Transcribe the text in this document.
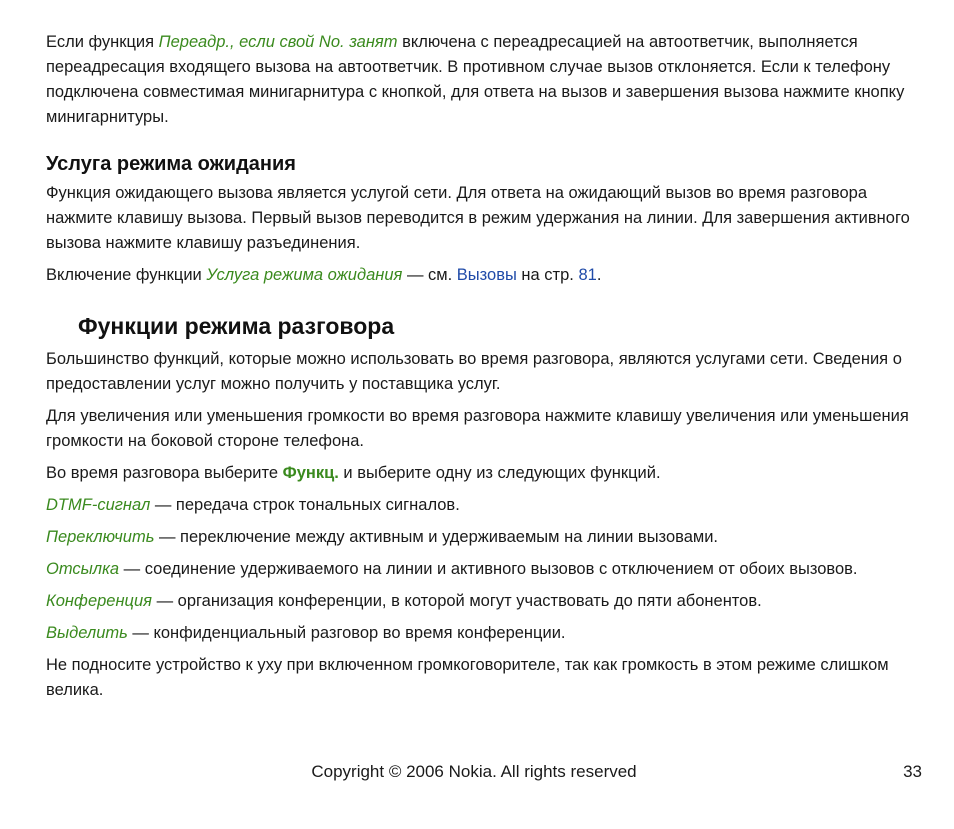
Если функция Переадр., если свой No. занят включена с переадресацией на автоответчик, выполняется переадресация входящего вызова на автоответчик. В противном случае вызов отклоняется. Если к телефону подключена совместимая минигарнитура с кнопкой, для ответа на вызов и завершения вызова нажмите кнопку минигарнитуры.

Услуга режима ожидания

Функция ожидающего вызова является услугой сети. Для ответа на ожидающий вызов во время разговора нажмите клавишу вызова. Первый вызов переводится в режим удержания на линии. Для завершения активного вызова нажмите клавишу разъединения.

Включение функции Услуга режима ожидания — см. Вызовы на стр. 81.

Функции режима разговора

Большинство функций, которые можно использовать во время разговора, являются услугами сети. Сведения о предоставлении услуг можно получить у поставщика услуг.

Для увеличения или уменьшения громкости во время разговора нажмите клавишу увеличения или уменьшения громкости на боковой стороне телефона.

Во время разговора выберите Функц. и выберите одну из следующих функций.

DTMF-сигнал — передача строк тональных сигналов.

Переключить — переключение между активным и удерживаемым на линии вызовами.

Отсылка — соединение удерживаемого на линии и активного вызовов с отключением от обоих вызовов.

Конференция — организация конференции, в которой могут участвовать до пяти абонентов.

Выделить — конфиденциальный разговор во время конференции.

Не подносите устройство к уху при включенном громкоговорителе, так как громкость в этом режиме слишком велика.

Copyright © 2006 Nokia. All rights reserved	33
